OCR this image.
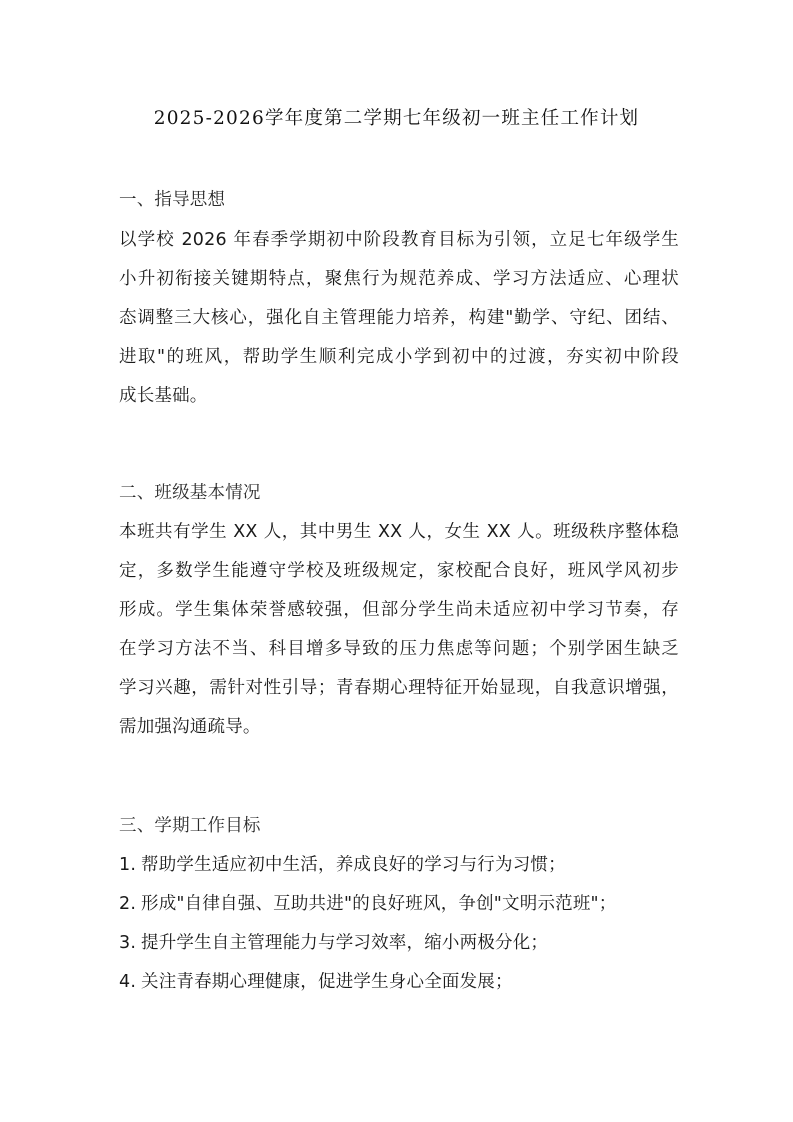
2025-2026学年度第二学期七年级初一班主任工作计划
一、指导思想
以学校 2026 年春季学期初中阶段教育目标为引领，立足七年级学生
小升初衔接关键期特点，聚焦行为规范养成、学习方法适应、心理状
态调整三大核心，强化自主管理能力培养，构建"勤学、守纪、团结、
进取"的班风，帮助学生顺利完成小学到初中的过渡，夯实初中阶段
成长基础。
二、班级基本情况
本班共有学生 XX 人，其中男生 XX 人，女生 XX 人。班级秩序整体稳
定，多数学生能遵守学校及班级规定，家校配合良好，班风学风初步
形成。学生集体荣誉感较强，但部分学生尚未适应初中学习节奏，存
在学习方法不当、科目增多导致的压力焦虑等问题；个别学困生缺乏
学习兴趣，需针对性引导；青春期心理特征开始显现，自我意识增强，
需加强沟通疏导。
三、学期工作目标
1. 帮助学生适应初中生活，养成良好的学习与行为习惯；
2. 形成"自律自强、互助共进"的良好班风，争创"文明示范班"；
3. 提升学生自主管理能力与学习效率，缩小两极分化；
4. 关注青春期心理健康，促进学生身心全面发展；
